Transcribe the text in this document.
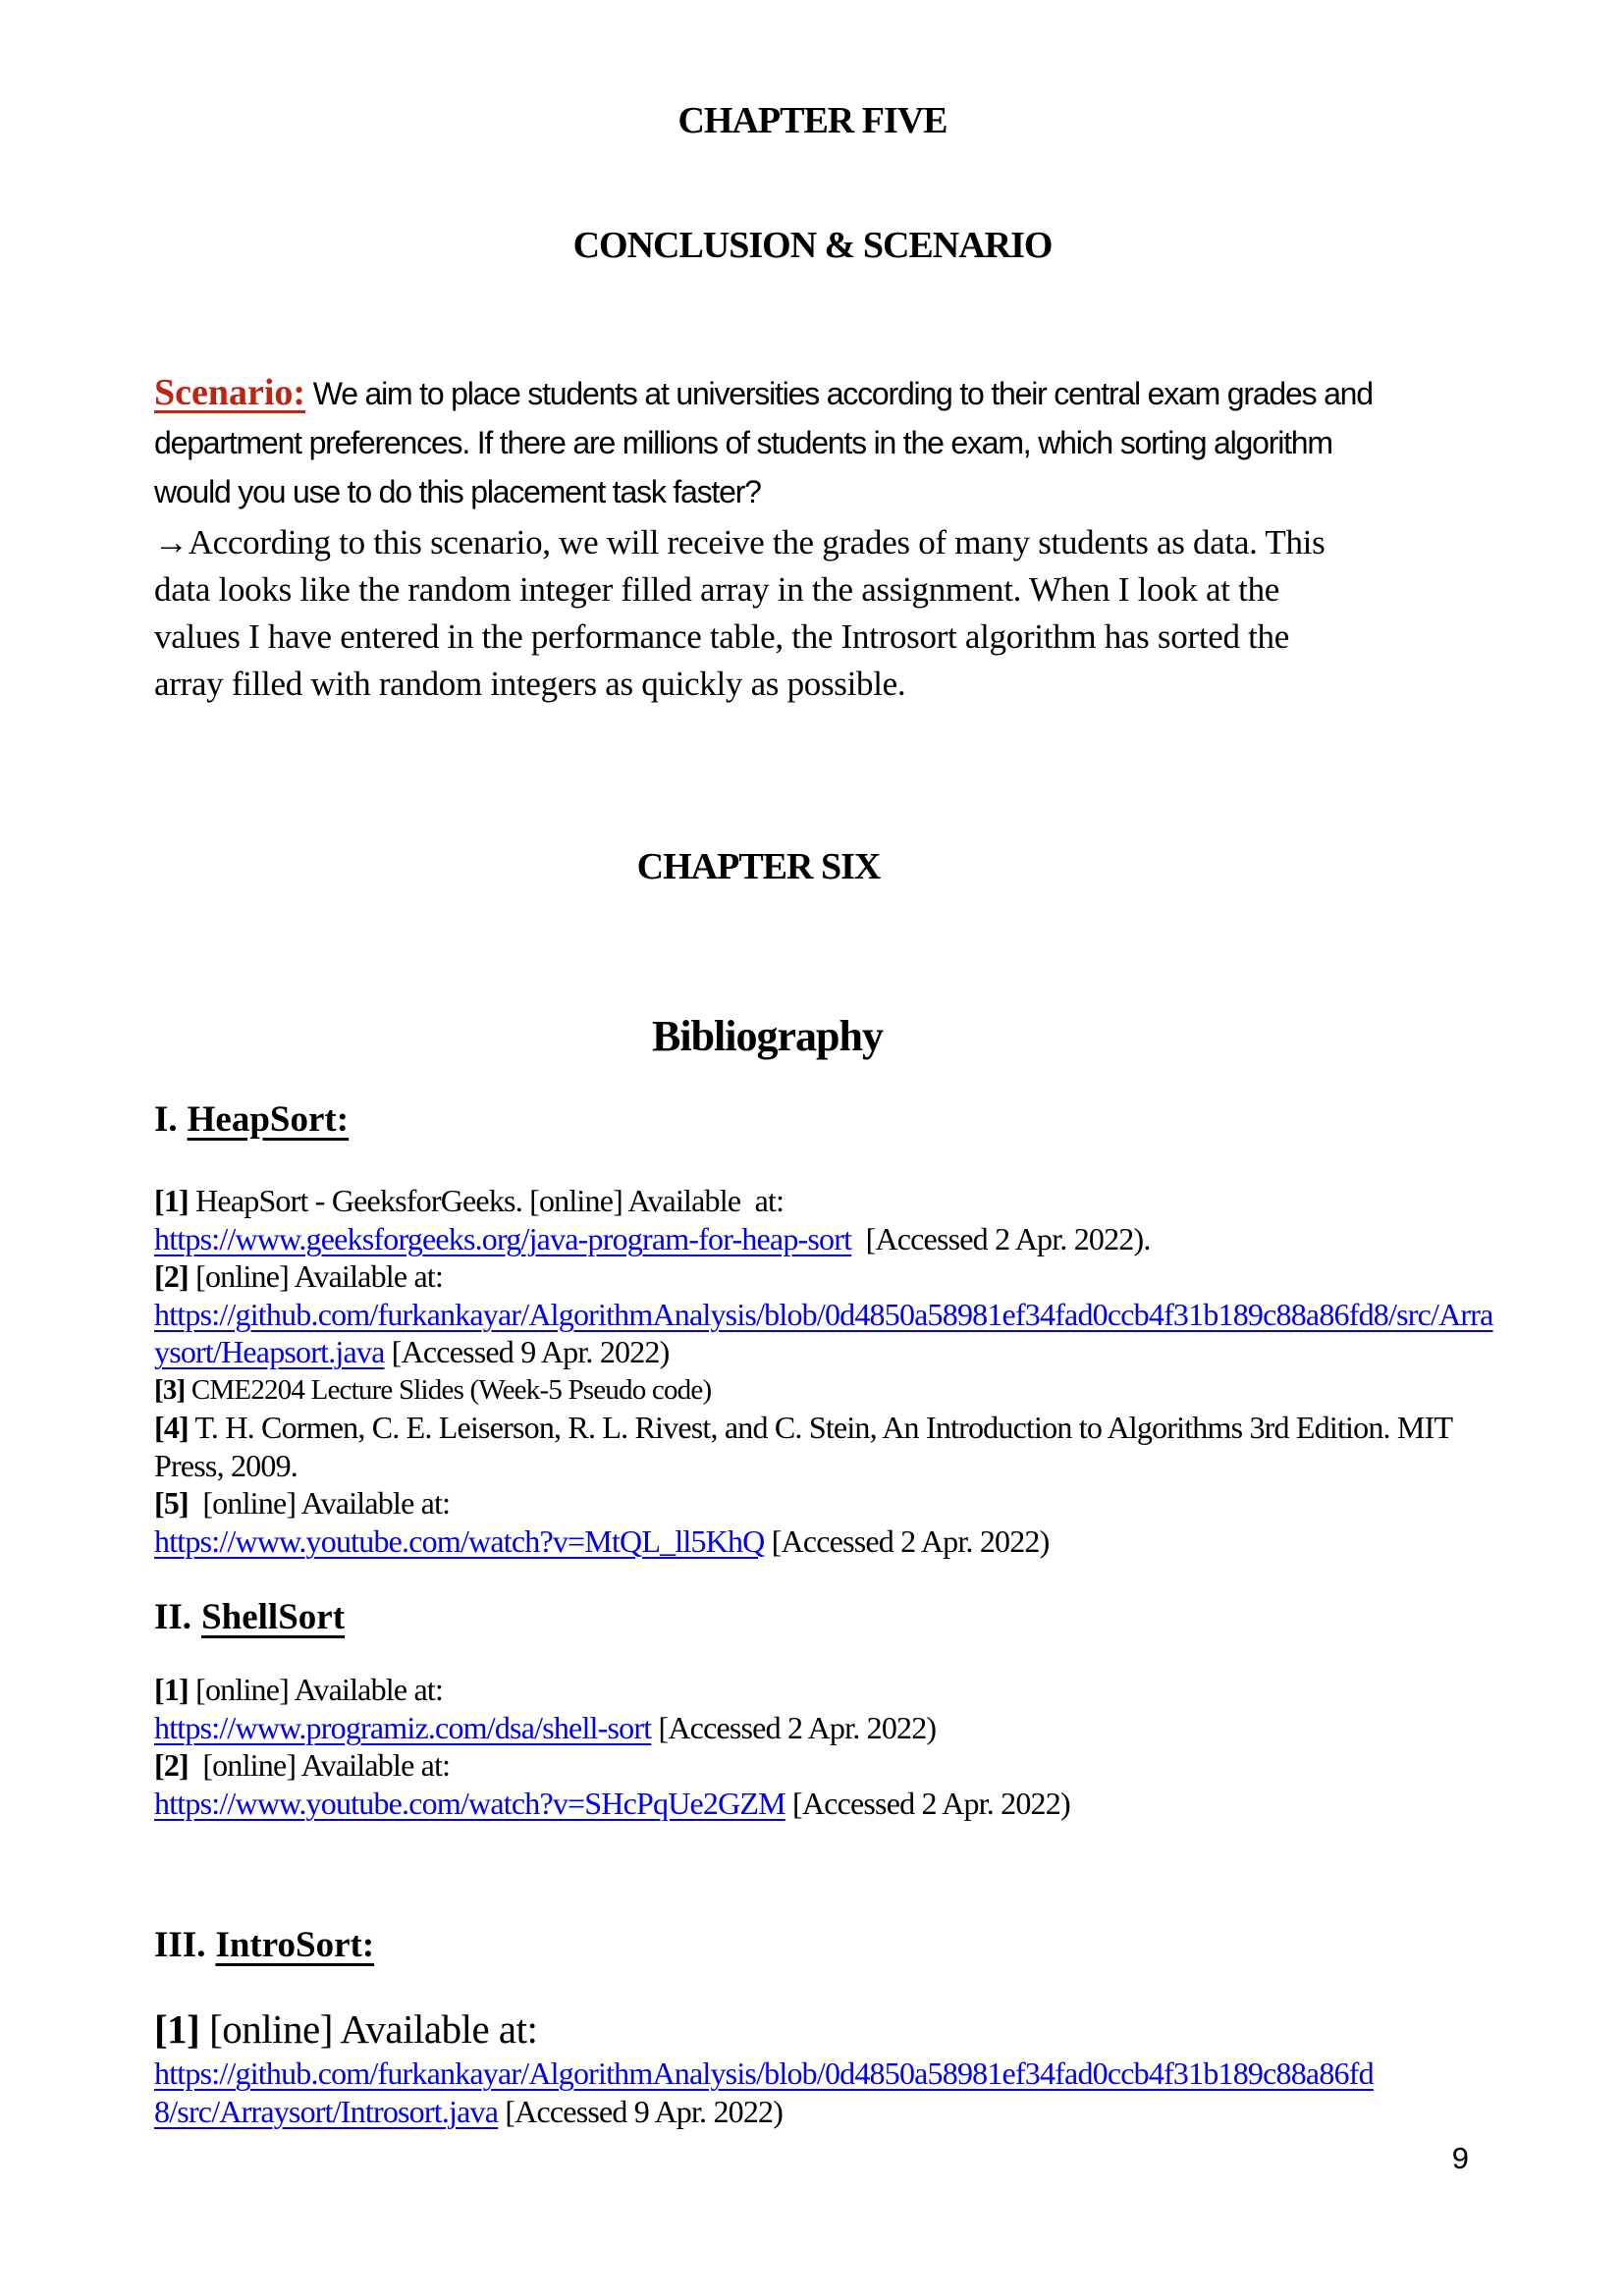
CHAPTER FIVE
CONCLUSION & SCENARIO
Scenario: We aim to place students at universities according to their central exam grades and
department preferences. If there are millions of students in the exam, which sorting algorithm
would you use to do this placement task faster?
→According to this scenario, we will receive the grades of many students as data. This
data looks like the random integer filled array in the assignment. When I look at the
values I have entered in the performance table, the Introsort algorithm has sorted the
array filled with random integers as quickly as possible.
CHAPTER SIX
Bibliography
I. HeapSort:
[1] HeapSort - GeeksforGeeks. [online] Available  at:
https://www.geeksforgeeks.org/java-program-for-heap-sort  [Accessed 2 Apr. 2022).
[2] [online] Available at:
https://github.com/furkankayar/AlgorithmAnalysis/blob/0d4850a58981ef34fad0ccb4f31b189c88a86fd8/src/Arra
ysort/Heapsort.java [Accessed 9 Apr. 2022)
[3] CME2204 Lecture Slides (Week-5 Pseudo code)
[4] T. H. Cormen, C. E. Leiserson, R. L. Rivest, and C. Stein, An Introduction to Algorithms 3rd Edition. MIT
Press, 2009.
[5]  [online] Available at:
https://www.youtube.com/watch?v=MtQL_ll5KhQ [Accessed 2 Apr. 2022)
II. ShellSort
[1] [online] Available at:
https://www.programiz.com/dsa/shell-sort [Accessed 2 Apr. 2022)
[2]  [online] Available at:
https://www.youtube.com/watch?v=SHcPqUe2GZM [Accessed 2 Apr. 2022)
III. IntroSort:
[1] [online] Available at:
https://github.com/furkankayar/AlgorithmAnalysis/blob/0d4850a58981ef34fad0ccb4f31b189c88a86fd
8/src/Arraysort/Introsort.java [Accessed 9 Apr. 2022)
9
